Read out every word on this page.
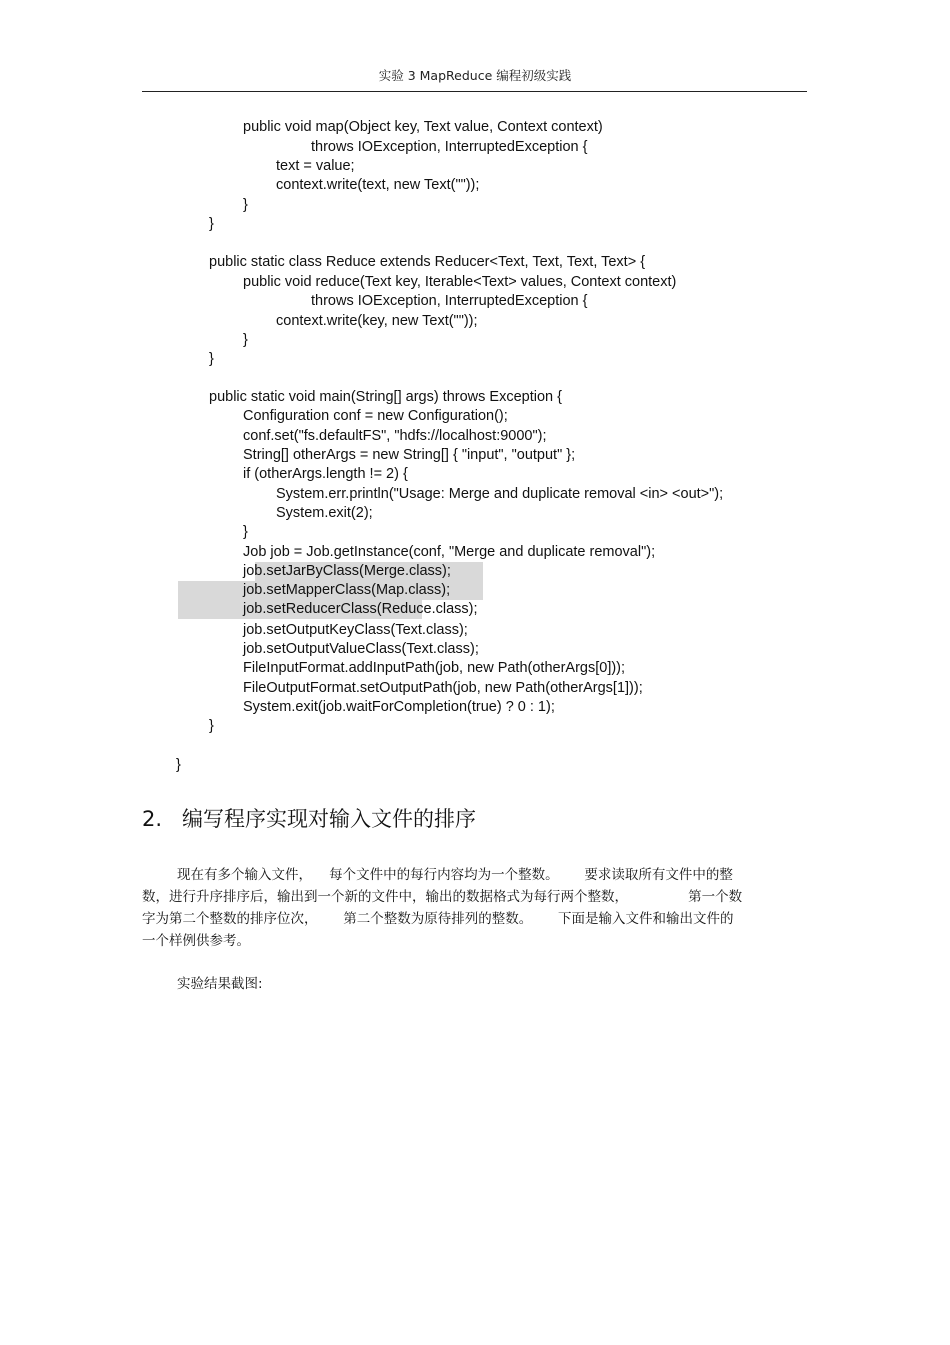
实验 3 MapReduce 编程初级实践
public void map(Object key, Text value, Context context)
throws IOException, InterruptedException {
text = value;
context.write(text, new Text(""));
}
}
public static class Reduce extends Reducer<Text, Text, Text, Text> {
public void reduce(Text key, Iterable<Text> values, Context context)
throws IOException, InterruptedException {
context.write(key, new Text(""));
}
}
public static void main(String[] args) throws Exception {
Configuration conf = new Configuration();
conf.set("fs.defaultFS", "hdfs://localhost:9000");
String[] otherArgs = new String[] { "input", "output" };
if (otherArgs.length != 2) {
System.err.println("Usage: Merge and duplicate removal <in> <out>");
System.exit(2);
}
Job job = Job.getInstance(conf, "Merge and duplicate removal");
job.setJarByClass(Merge.class);
job.setMapperClass(Map.class);
job.setReducerClass(Reduce.class);
job.setOutputKeyClass(Text.class);
job.setOutputValueClass(Text.class);
FileInputFormat.addInputPath(job, new Path(otherArgs[0]));
FileOutputFormat.setOutputPath(job, new Path(otherArgs[1]));
System.exit(job.waitForCompletion(true) ? 0 : 1);
}
}
2.   编写程序实现对输入文件的排序
现在有多个输入文件，    每个文件中的每行内容均为一个整数。      要求读取所有文件中的整
数，进行升序排序后，输出到一个新的文件中，输出的数据格式为每行两个整数，              第一个数
字为第二个整数的排序位次，      第二个整数为原待排列的整数。      下面是输入文件和输出文件的
一个样例供参考。
实验结果截图:
